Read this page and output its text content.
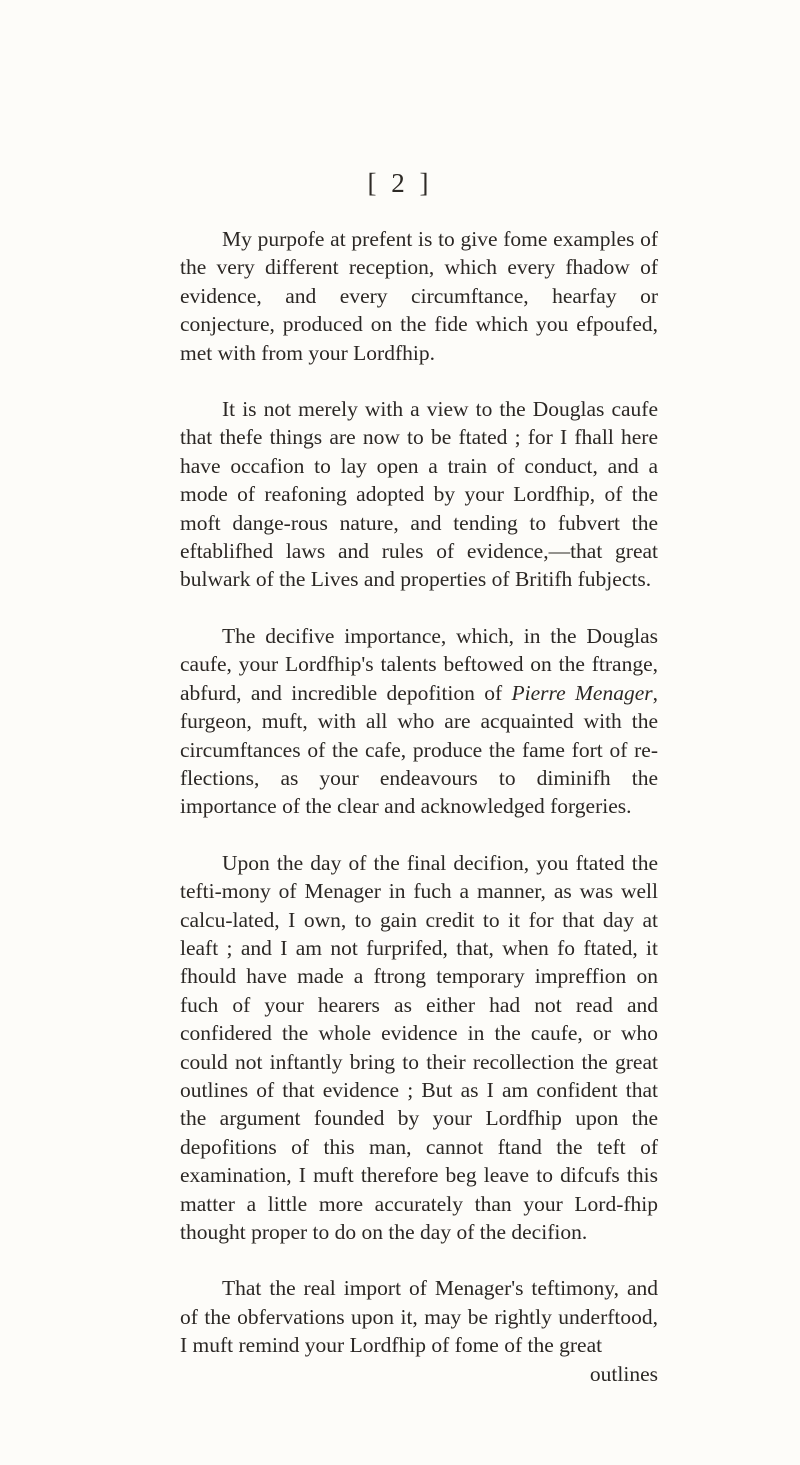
[ 2 ]

My purpofe at prefent is to give fome examples of the very different reception, which every fhadow of evidence, and every circumftance, hearfay or conjecture, produced on the fide which you efpoufed, met with from your Lordfhip.

It is not merely with a view to the Douglas caufe that thefe things are now to be ftated ; for I fhall here have occafion to lay open a train of conduct, and a mode of reafoning adopted by your Lordfhip, of the moft dange-rous nature, and tending to fubvert the eftablifhed laws and rules of evidence,—that great bulwark of the Lives and properties of Britifh fubjects.

The decifive importance, which, in the Douglas caufe, your Lordfhip's talents beftowed on the ftrange, abfurd, and incredible depofition of Pierre Menager, furgeon, muft, with all who are acquainted with the circumftances of the cafe, produce the fame fort of re-flections, as your endeavours to diminifh the importance of the clear and acknowledged forgeries.

Upon the day of the final decifion, you ftated the tefti-mony of Menager in fuch a manner, as was well calcu-lated, I own, to gain credit to it for that day at leaft ; and I am not furprifed, that, when fo ftated, it fhould have made a ftrong temporary impreffion on fuch of your hearers as either had not read and confidered the whole evidence in the caufe, or who could not inftantly bring to their recollection the great outlines of that evidence ; But as I am confident that the argument founded by your Lordfhip upon the depofitions of this man, cannot ftand the teft of examination, I muft therefore beg leave to difcufs this matter a little more accurately than your Lord-fhip thought proper to do on the day of the decifion.

That the real import of Menager's teftimony, and of the obfervations upon it, may be rightly underftood, I muft remind your Lordfhip of fome of the great

outlines
